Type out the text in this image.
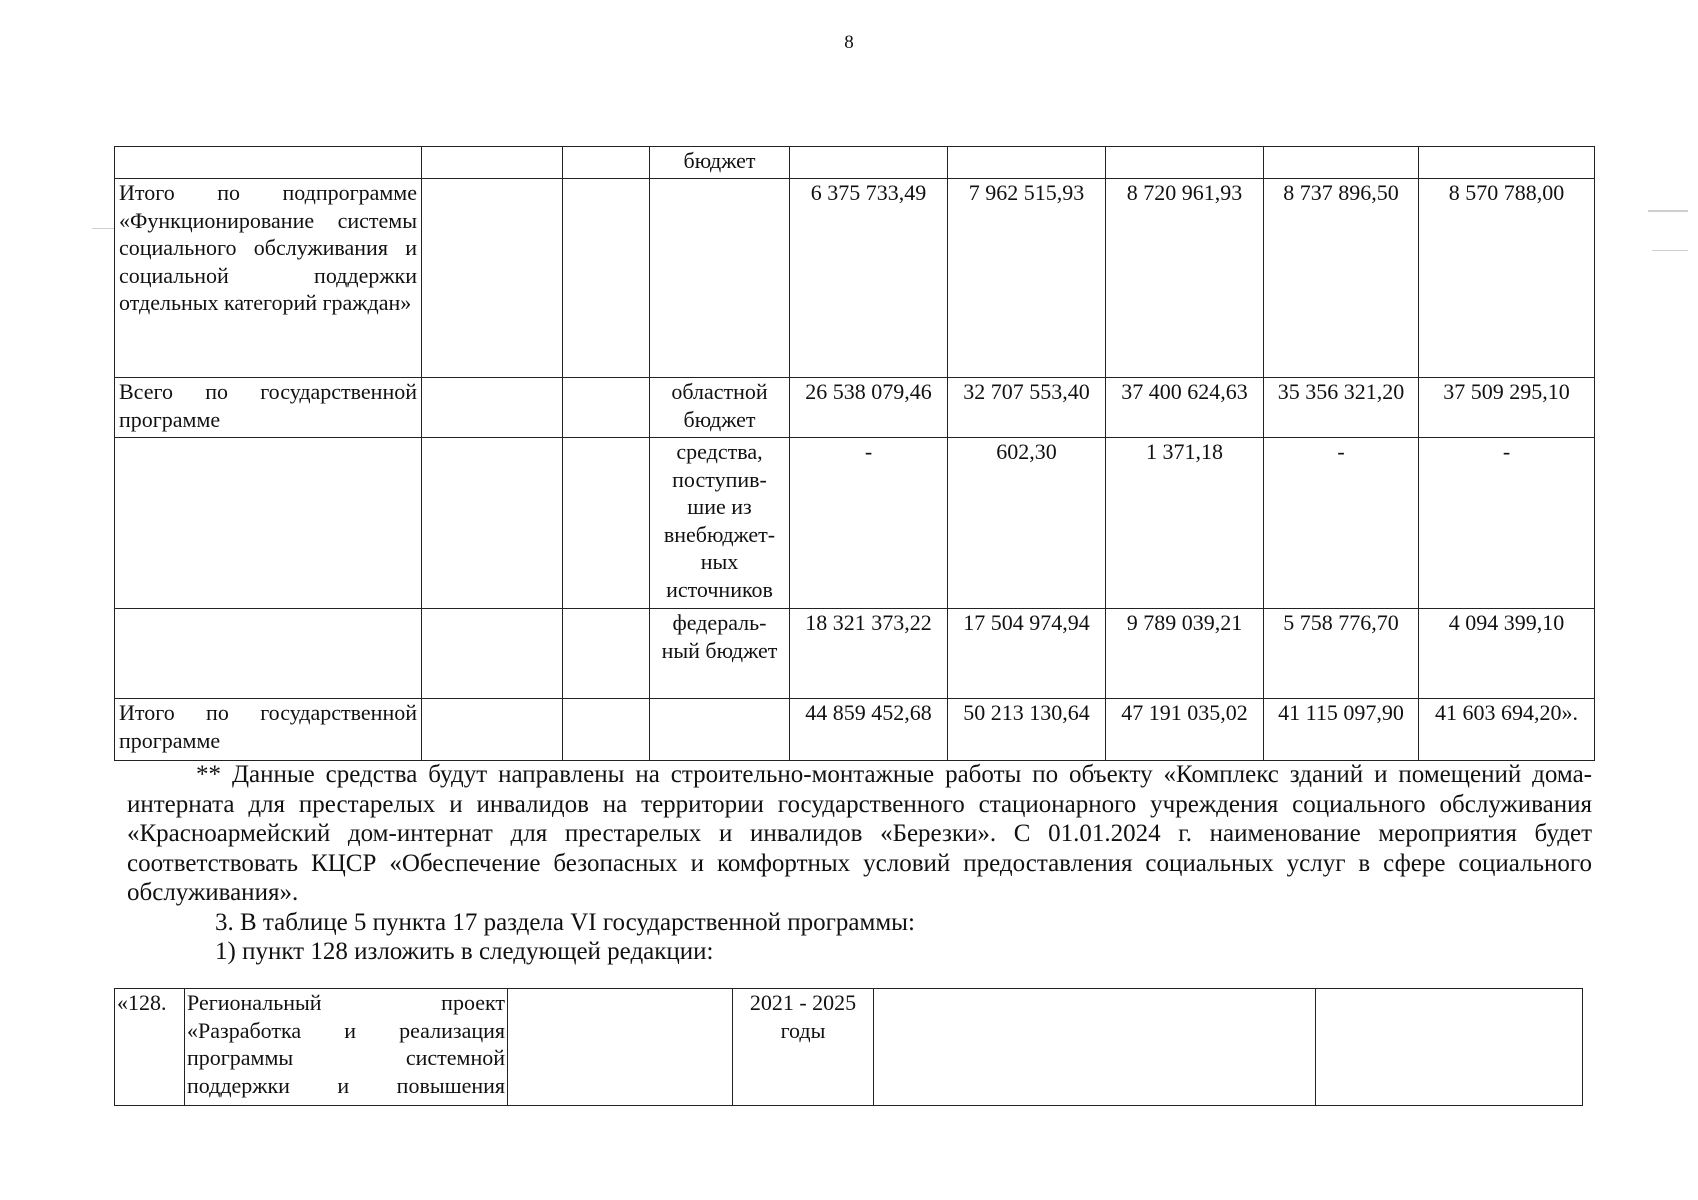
8
			бюджет					
Итого по подпрограмме «Функционирование системы социального обслуживания и социальной поддержки отдельных категорий граждан»				6 375 733,49	7 962 515,93	8 720 961,93	8 737 896,50	8 570 788,00
Всего по государственной программе			областной бюджет	26 538 079,46	32 707 553,40	37 400 624,63	35 356 321,20	37 509 295,10
			средства, поступив-шие из внебюджет-ных источников	-	602,30	1 371,18	-	-
			федераль-ный бюджет	18 321 373,22	17 504 974,94	9 789 039,21	5 758 776,70	4 094 399,10
Итого по государственной программе				44 859 452,68	50 213 130,64	47 191 035,02	41 115 097,90	41 603 694,20».

** Данные средства будут направлены на строительно-монтажные работы по объекту «Комплекс зданий и помещений дома-интерната для престарелых и инвалидов на территории государственного стационарного учреждения социального обслуживания «Красноармейский дом-интернат для престарелых и инвалидов «Березки». С 01.01.2024 г. наименование мероприятия будет соответствовать КЦСР «Обеспечение безопасных и комфортных условий предоставления социальных услуг в сфере социального обслуживания».

3. В таблице 5 пункта 17 раздела VI государственной программы:

1) пункт 128 изложить в следующей редакции:

«128.	Региональный проект
«Разработка и реализация
программы системной
поддержки и повышения
		2021 - 2025 годы		
